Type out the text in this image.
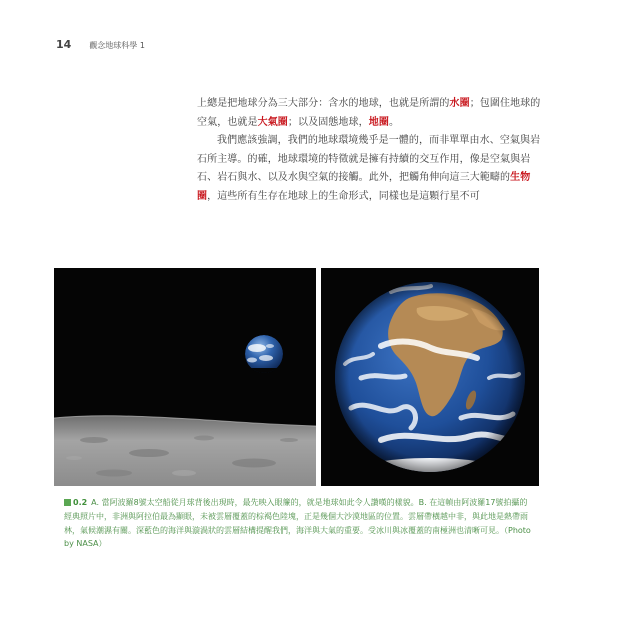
14 觀念地球科學 1

上總是把地球分為三大部分：含水的地球，也就是所謂的水圈；包圍住地球的空氣，也就是大氣圈；以及固態地球，地圈。

我們應該強調，我們的地球環境幾乎是一體的，而非單單由水、空氣與岩石所主導。的確，地球環境的特徵就是擁有持續的交互作用，像是空氣與岩石、岩石與水、以及水與空氣的接觸。此外，把觸角伸向這三大範疇的生物圈，這些所有生存在地球上的生命形式，同樣也是這顆行星不可

0.2 A. 當阿波羅8號太空船從月球背後出現時，最先映入眼簾的，就是地球如此令人讚嘆的樣貌。B. 在這幀由阿波羅17號拍攝的經典照片中，非洲與阿拉伯最為顯眼，未被雲層覆蓋的棕褐色陸塊，正是幾個大沙漠地區的位置。雲層帶橫越中非，與此地是熱帶雨林，氣候潮濕有關。深藍色的海洋與漩渦狀的雲層結構提醒我們，海洋與大氣的重要。受冰川與冰覆蓋的南極洲也清晰可見。（Photo by NASA）
